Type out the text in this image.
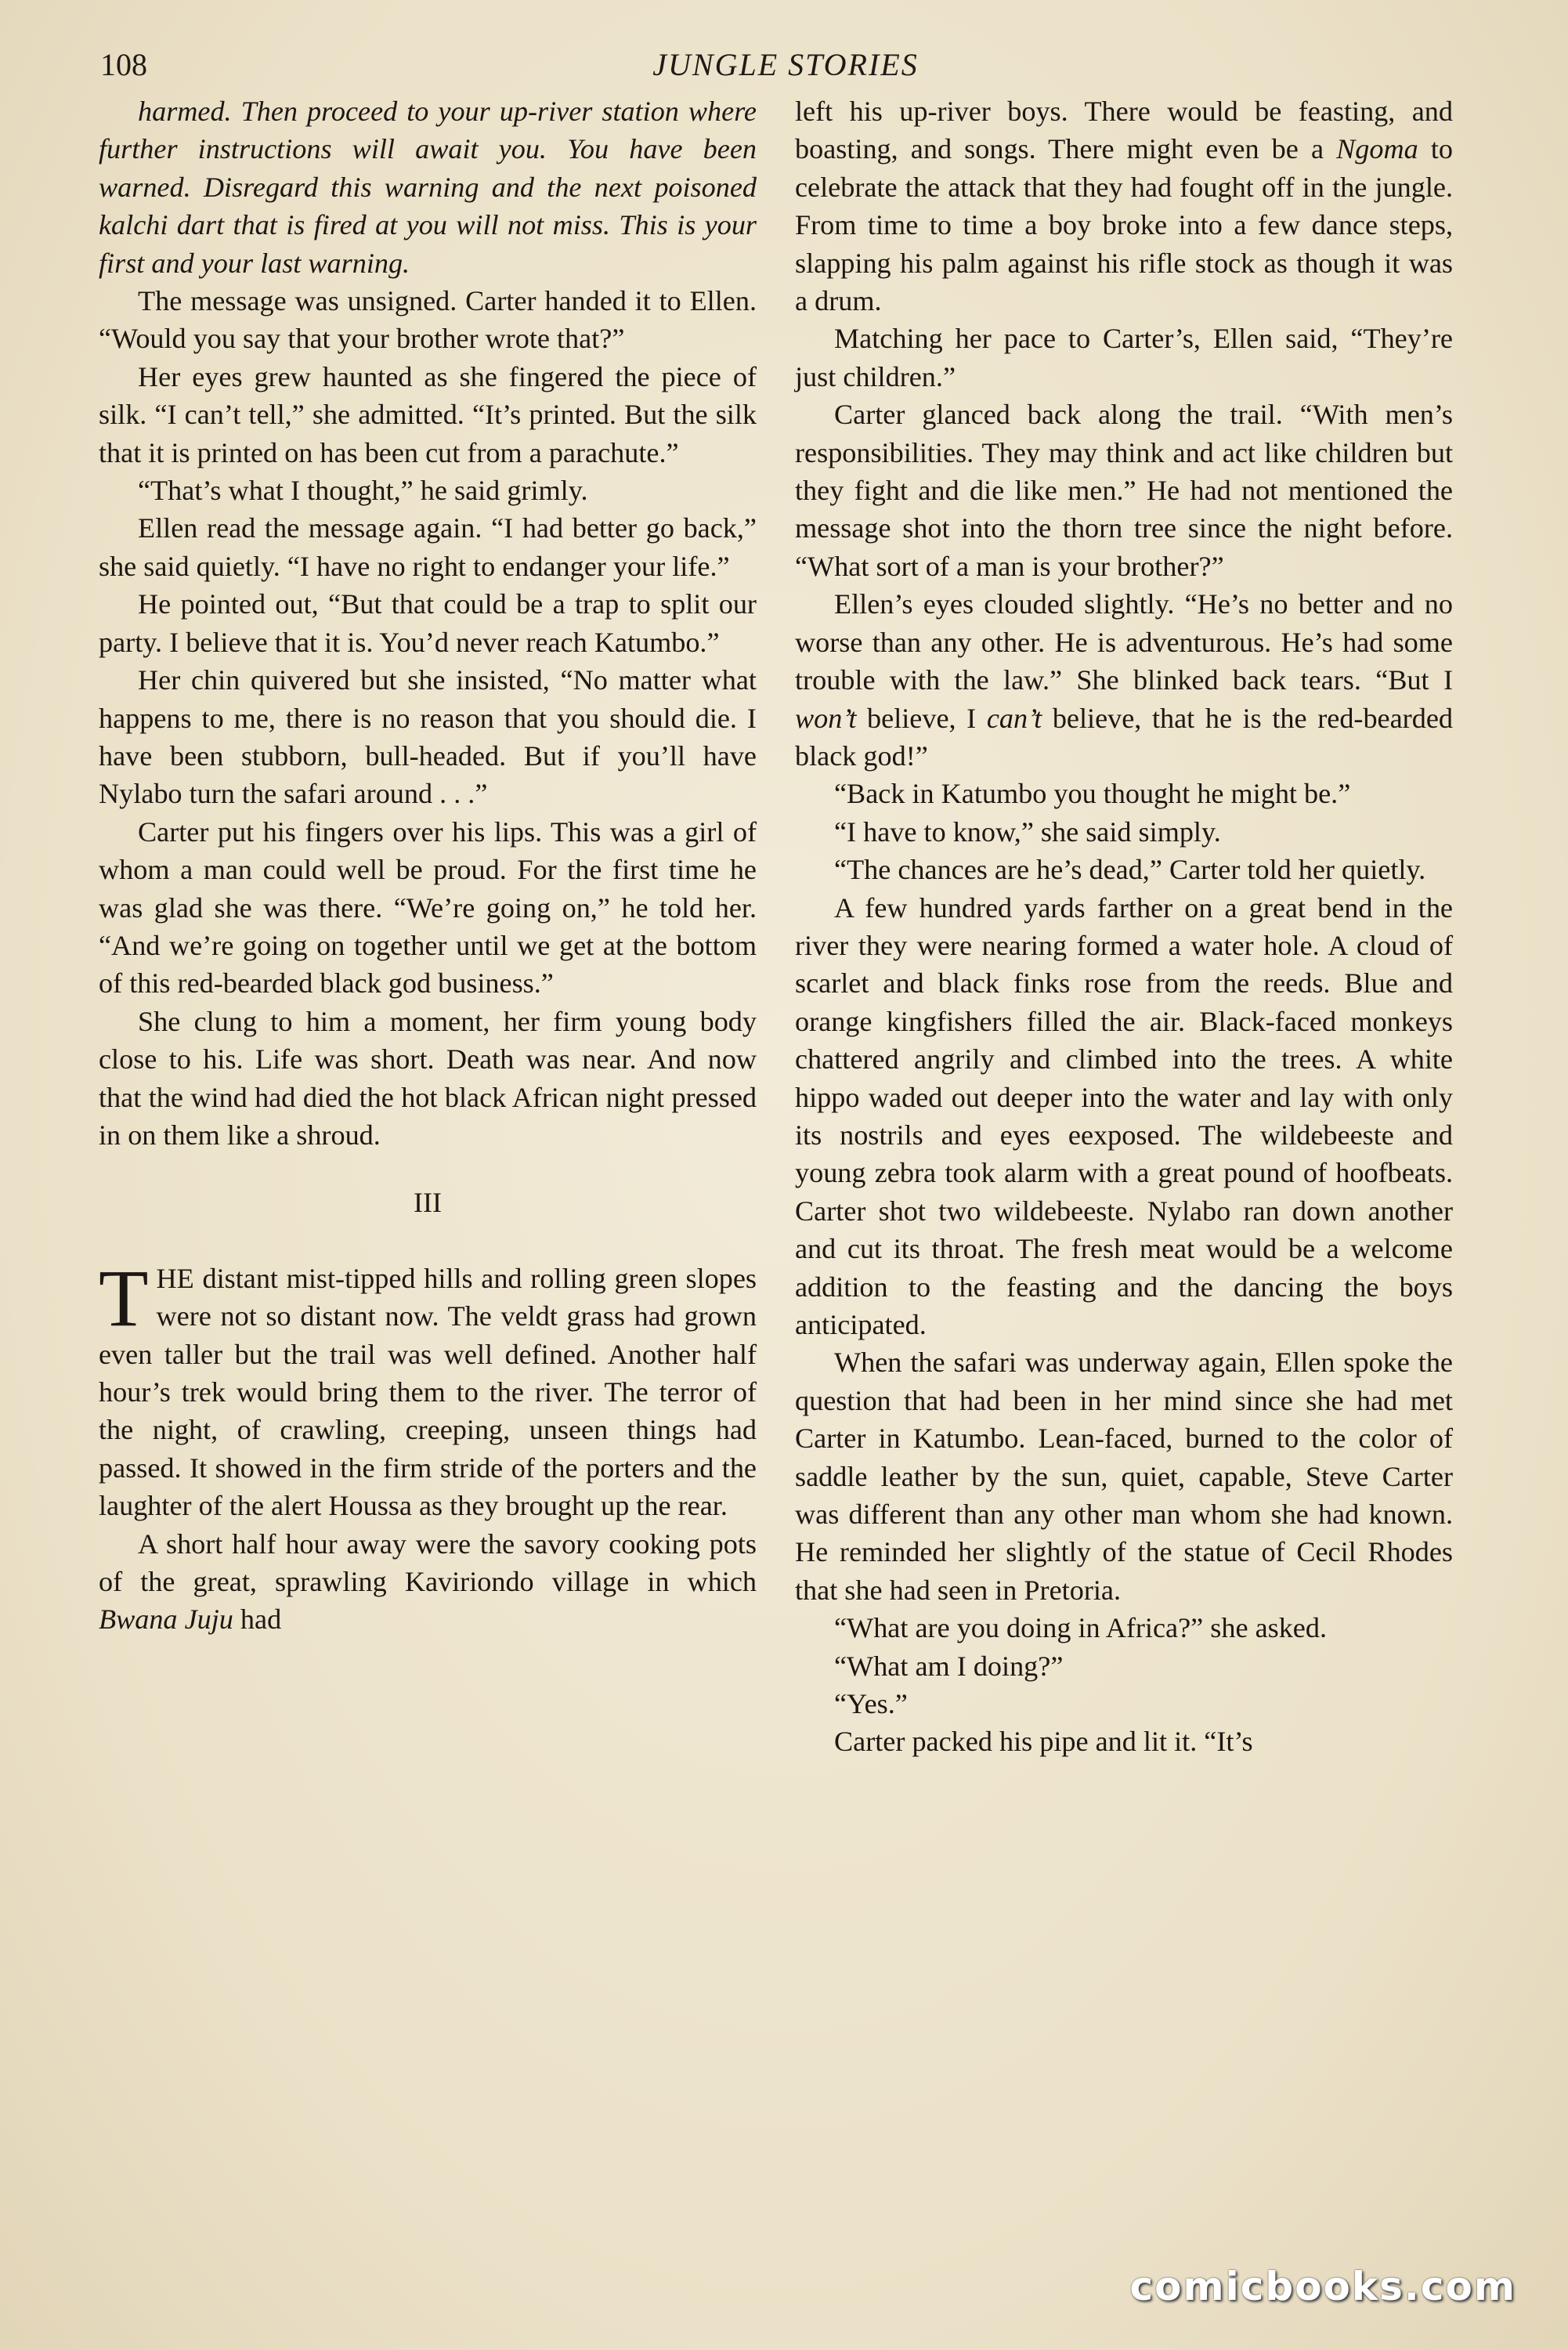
108	JUNGLE STORIES

harmed. Then proceed to your up-river station where further instructions will await you. You have been warned. Disregard this warning and the next poisoned kalchi dart that is fired at you will not miss. This is your first and your last warning.

The message was unsigned. Carter handed it to Ellen. “Would you say that your brother wrote that?”

Her eyes grew haunted as she fingered the piece of silk. “I can’t tell,” she admitted. “It’s printed. But the silk that it is printed on has been cut from a parachute.”

“That’s what I thought,” he said grimly.

Ellen read the message again. “I had better go back,” she said quietly. “I have no right to endanger your life.”

He pointed out, “But that could be a trap to split our party. I believe that it is. You’d never reach Katumbo.”

Her chin quivered but she insisted, “No matter what happens to me, there is no reason that you should die. I have been stubborn, bull-headed. But if you’ll have Nylabo turn the safari around . . .”

Carter put his fingers over his lips. This was a girl of whom a man could well be proud. For the first time he was glad she was there. “We’re going on,” he told her. “And we’re going on together until we get at the bottom of this red-bearded black god business.”

She clung to him a moment, her firm young body close to his. Life was short. Death was near. And now that the wind had died the hot black African night pressed in on them like a shroud.

III

THE distant mist-tipped hills and rolling green slopes were not so distant now. The veldt grass had grown even taller but the trail was well defined. Another half hour’s trek would bring them to the river. The terror of the night, of crawling, creeping, unseen things had passed. It showed in the firm stride of the porters and the laughter of the alert Houssa as they brought up the rear.

A short half hour away were the savory cooking pots of the great, sprawling Kaviriondo village in which Bwana Juju had

left his up-river boys. There would be feasting, and boasting, and songs. There might even be a Ngoma to celebrate the attack that they had fought off in the jungle. From time to time a boy broke into a few dance steps, slapping his palm against his rifle stock as though it was a drum.

Matching her pace to Carter’s, Ellen said, “They’re just children.”

Carter glanced back along the trail. “With men’s responsibilities. They may think and act like children but they fight and die like men.” He had not mentioned the message shot into the thorn tree since the night before. “What sort of a man is your brother?”

Ellen’s eyes clouded slightly. “He’s no better and no worse than any other. He is adventurous. He’s had some trouble with the law.” She blinked back tears. “But I won’t believe, I can’t believe, that he is the red-bearded black god!”

“Back in Katumbo you thought he might be.”

“I have to know,” she said simply.

“The chances are he’s dead,” Carter told her quietly.

A few hundred yards farther on a great bend in the river they were nearing formed a water hole. A cloud of scarlet and black finks rose from the reeds. Blue and orange kingfishers filled the air. Black-faced monkeys chattered angrily and climbed into the trees. A white hippo waded out deeper into the water and lay with only its nostrils and eyes eexposed. The wildebeeste and young zebra took alarm with a great pound of hoofbeats. Carter shot two wildebeeste. Nylabo ran down another and cut its throat. The fresh meat would be a welcome addition to the feasting and the dancing the boys anticipated.

When the safari was underway again, Ellen spoke the question that had been in her mind since she had met Carter in Katumbo. Lean-faced, burned to the color of saddle leather by the sun, quiet, capable, Steve Carter was different than any other man whom she had known. He reminded her slightly of the statue of Cecil Rhodes that she had seen in Pretoria.

“What are you doing in Africa?” she asked.

“What am I doing?”

“Yes.”

Carter packed his pipe and lit it. “It’s

comicbooks.com
